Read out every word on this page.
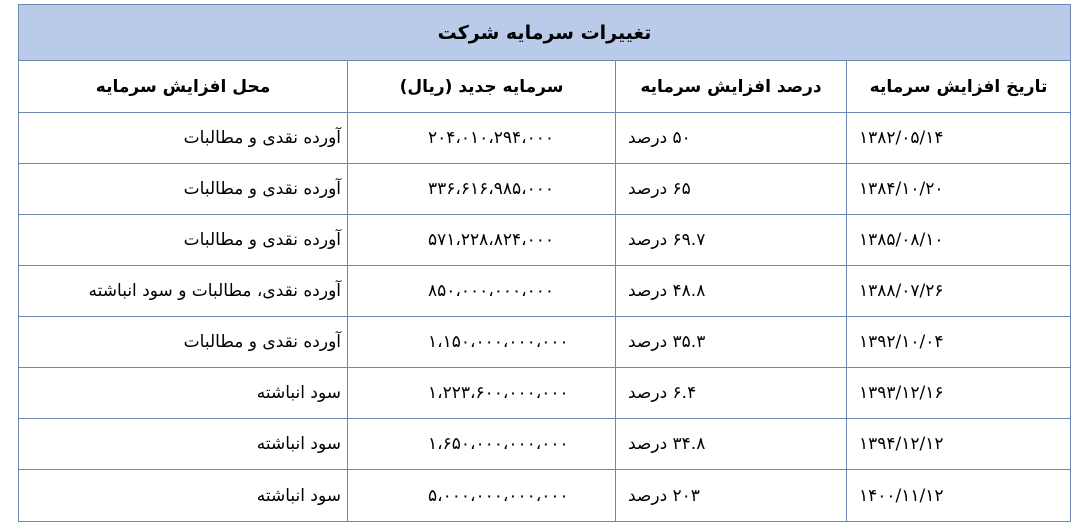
تغییرات سرمایه شرکت			
تاریخ افزایش سرمایه	درصد افزایش سرمایه	سرمایه جدید (ریال)	محل افزایش سرمایه
۱۳۸۲/۰۵/۱۴	۵۰ درصد	۲۰۴،۰۱۰،۲۹۴،۰۰۰	آورده نقدی و مطالبات
۱۳۸۴/۱۰/۲۰	۶۵ درصد	۳۳۶،۶۱۶،۹۸۵،۰۰۰	آورده نقدی و مطالبات
۱۳۸۵/۰۸/۱۰	۶۹.۷ درصد	۵۷۱،۲۲۸،۸۲۴،۰۰۰	آورده نقدی و مطالبات
۱۳۸۸/۰۷/۲۶	۴۸.۸ درصد	۸۵۰،۰۰۰،۰۰۰،۰۰۰	آورده نقدی، مطالبات و سود انباشته
۱۳۹۲/۱۰/۰۴	۳۵.۳ درصد	۱،۱۵۰،۰۰۰،۰۰۰،۰۰۰	آورده نقدی و مطالبات
۱۳۹۳/۱۲/۱۶	۶.۴ درصد	۱،۲۲۳،۶۰۰،۰۰۰،۰۰۰	سود انباشته
۱۳۹۴/۱۲/۱۲	۳۴.۸ درصد	۱،۶۵۰،۰۰۰،۰۰۰،۰۰۰	سود انباشته
۱۴۰۰/۱۱/۱۲	۲۰۳ درصد	۵،۰۰۰،۰۰۰،۰۰۰،۰۰۰	سود انباشته
